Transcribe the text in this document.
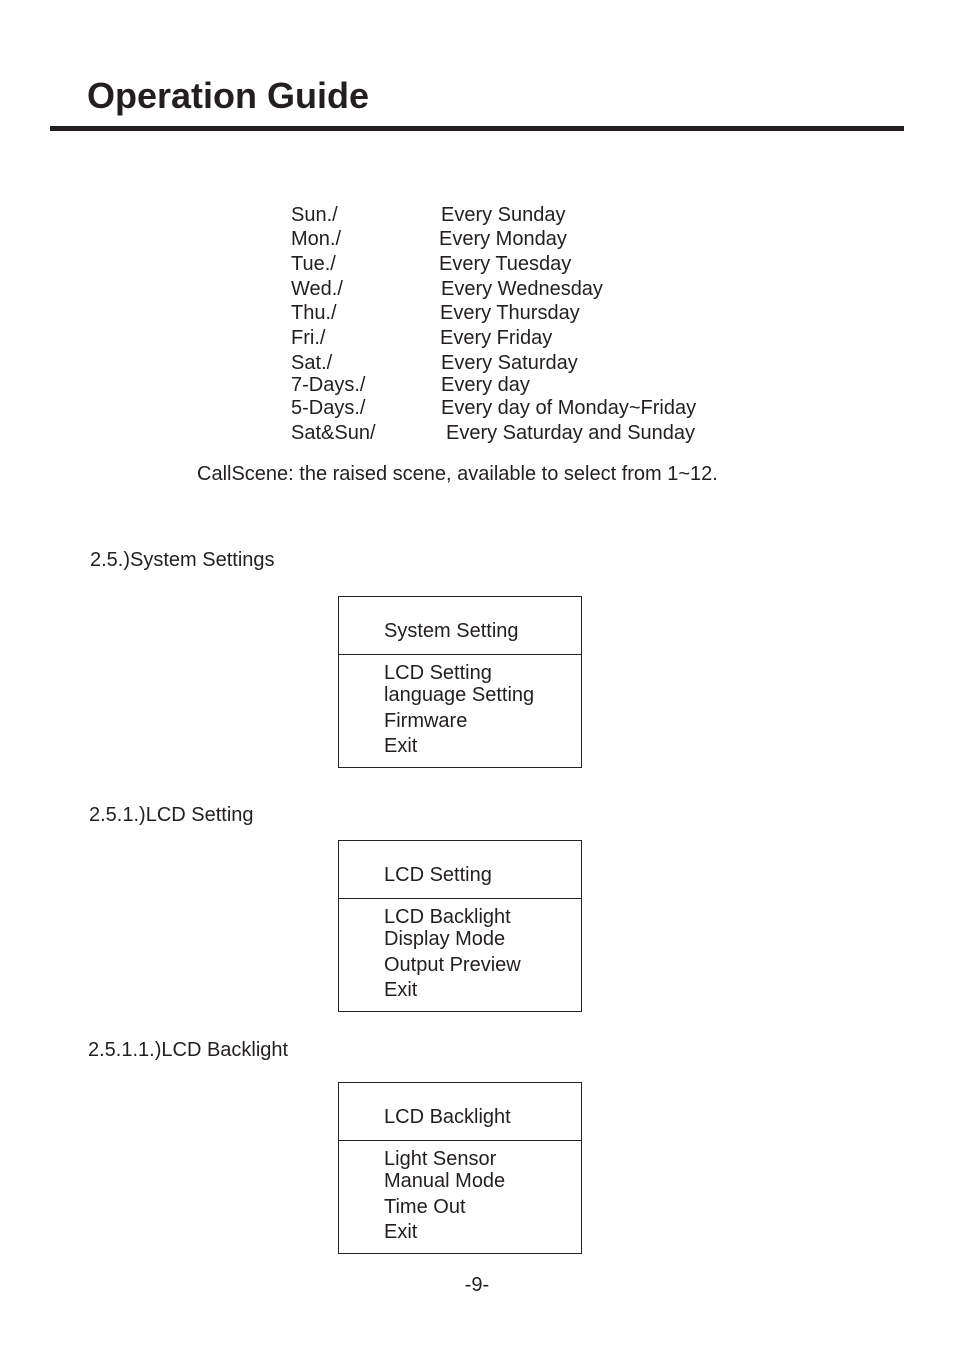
Operation Guide
Sun./	Every Sunday
Mon./	Every Monday
Tue./	Every Tuesday
Wed./	Every Wednesday
Thu./	Every Thursday
Fri./	Every Friday
Sat./	Every Saturday
7-Days./	Every day
5-Days./	Every day of Monday~Friday
Sat&Sun/	Every Saturday and Sunday
CallScene: the raised scene, available to select from 1~12.
2.5.)System Settings
System Setting
LCD Setting
language Setting
Firmware
Exit
2.5.1.)LCD Setting
LCD Setting
LCD Backlight
Display Mode
Output Preview
Exit
2.5.1.1.)LCD Backlight
LCD Backlight
Light Sensor
Manual Mode
Time Out
Exit
-9-
